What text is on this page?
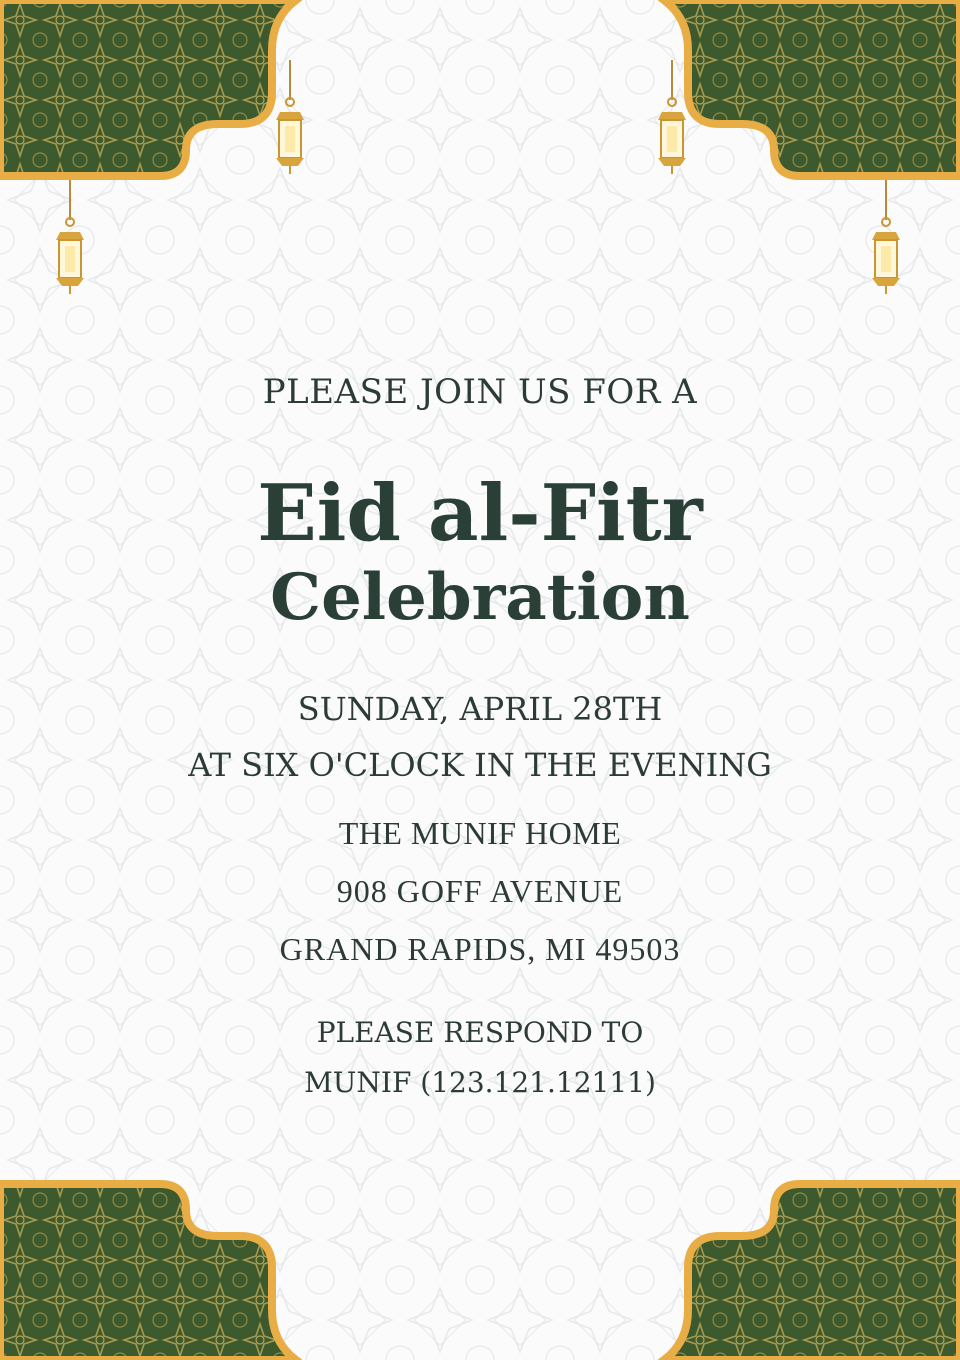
PLEASE JOIN US FOR A
Eid al-Fitr
Celebration
SUNDAY, APRIL 28TH
AT SIX O'CLOCK IN THE EVENING
THE MUNIF HOME
908 GOFF AVENUE
GRAND RAPIDS, MI 49503
PLEASE RESPOND TO
MUNIF (123.121.12111)
